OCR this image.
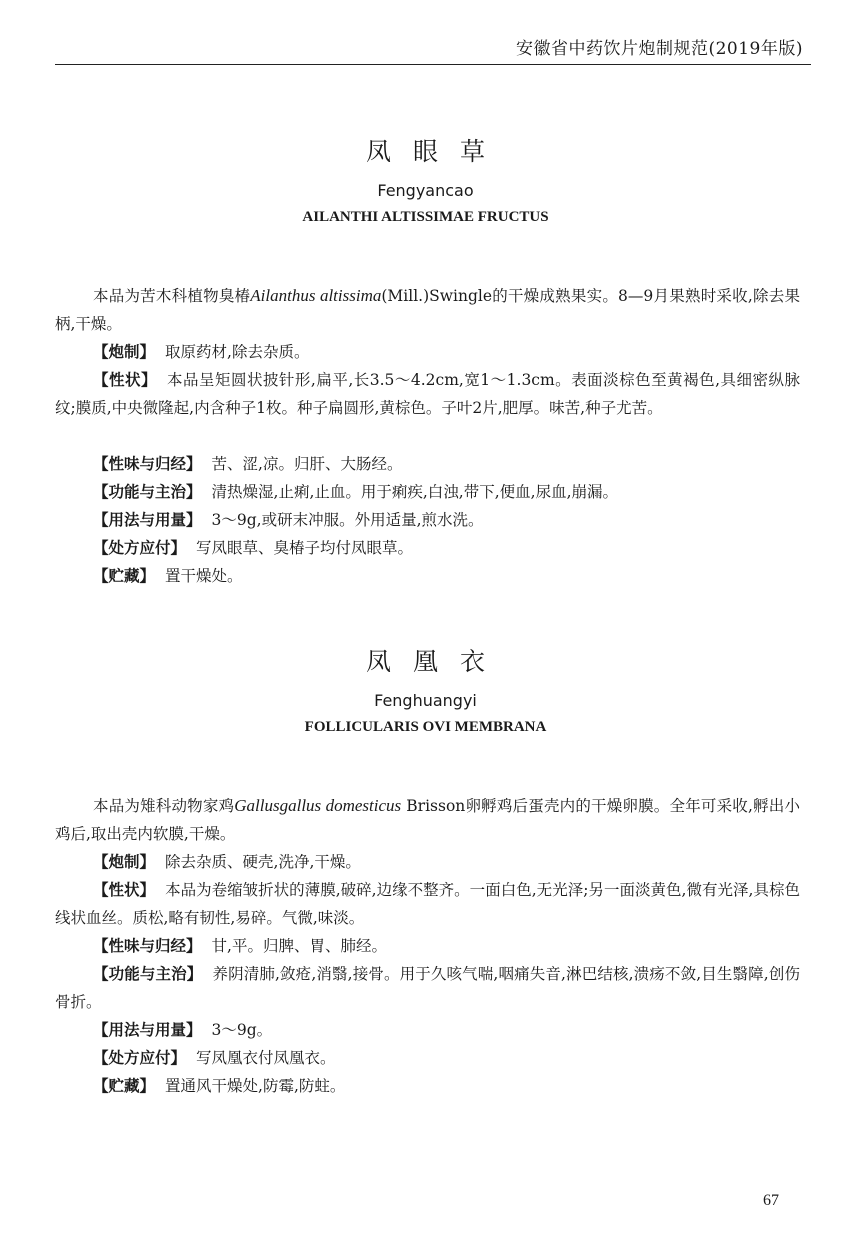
安徽省中药饮片炮制规范(2019年版)
凤眼草
Fengyancao
AILANTHI ALTISSIMAE FRUCTUS
本品为苦木科植物臭椿Ailanthus altissima(Mill.)Swingle的干燥成熟果实。8—9月果熟时采收,除去果柄,干燥。
【炮制】 取原药材,除去杂质。
【性状】 本品呈矩圆状披针形,扁平,长3.5～4.2cm,宽1～1.3cm。表面淡棕色至黄褐色,具细密纵脉纹;膜质,中央微隆起,内含种子1枚。种子扁圆形,黄棕色。子叶2片,肥厚。味苦,种子尤苦。
【性味与归经】 苦、涩,凉。归肝、大肠经。
【功能与主治】 清热燥湿,止痢,止血。用于痢疾,白浊,带下,便血,尿血,崩漏。
【用法与用量】 3～9g,或研末冲服。外用适量,煎水洗。
【处方应付】 写凤眼草、臭椿子均付凤眼草。
【贮藏】 置干燥处。
凤凰衣
Fenghuangyi
FOLLICULARIS OVI MEMBRANA
本品为雉科动物家鸡Gallusgallus domesticus Brisson卵孵鸡后蛋壳内的干燥卵膜。全年可采收,孵出小鸡后,取出壳内软膜,干燥。
【炮制】 除去杂质、硬壳,洗净,干燥。
【性状】 本品为卷缩皱折状的薄膜,破碎,边缘不整齐。一面白色,无光泽;另一面淡黄色,微有光泽,具棕色线状血丝。质松,略有韧性,易碎。气微,味淡。
【性味与归经】 甘,平。归脾、胃、肺经。
【功能与主治】 养阴清肺,敛疮,消翳,接骨。用于久咳气喘,咽痛失音,淋巴结核,溃疡不敛,目生翳障,创伤骨折。
【用法与用量】 3～9g。
【处方应付】 写凤凰衣付凤凰衣。
【贮藏】 置通风干燥处,防霉,防蛀。
67
